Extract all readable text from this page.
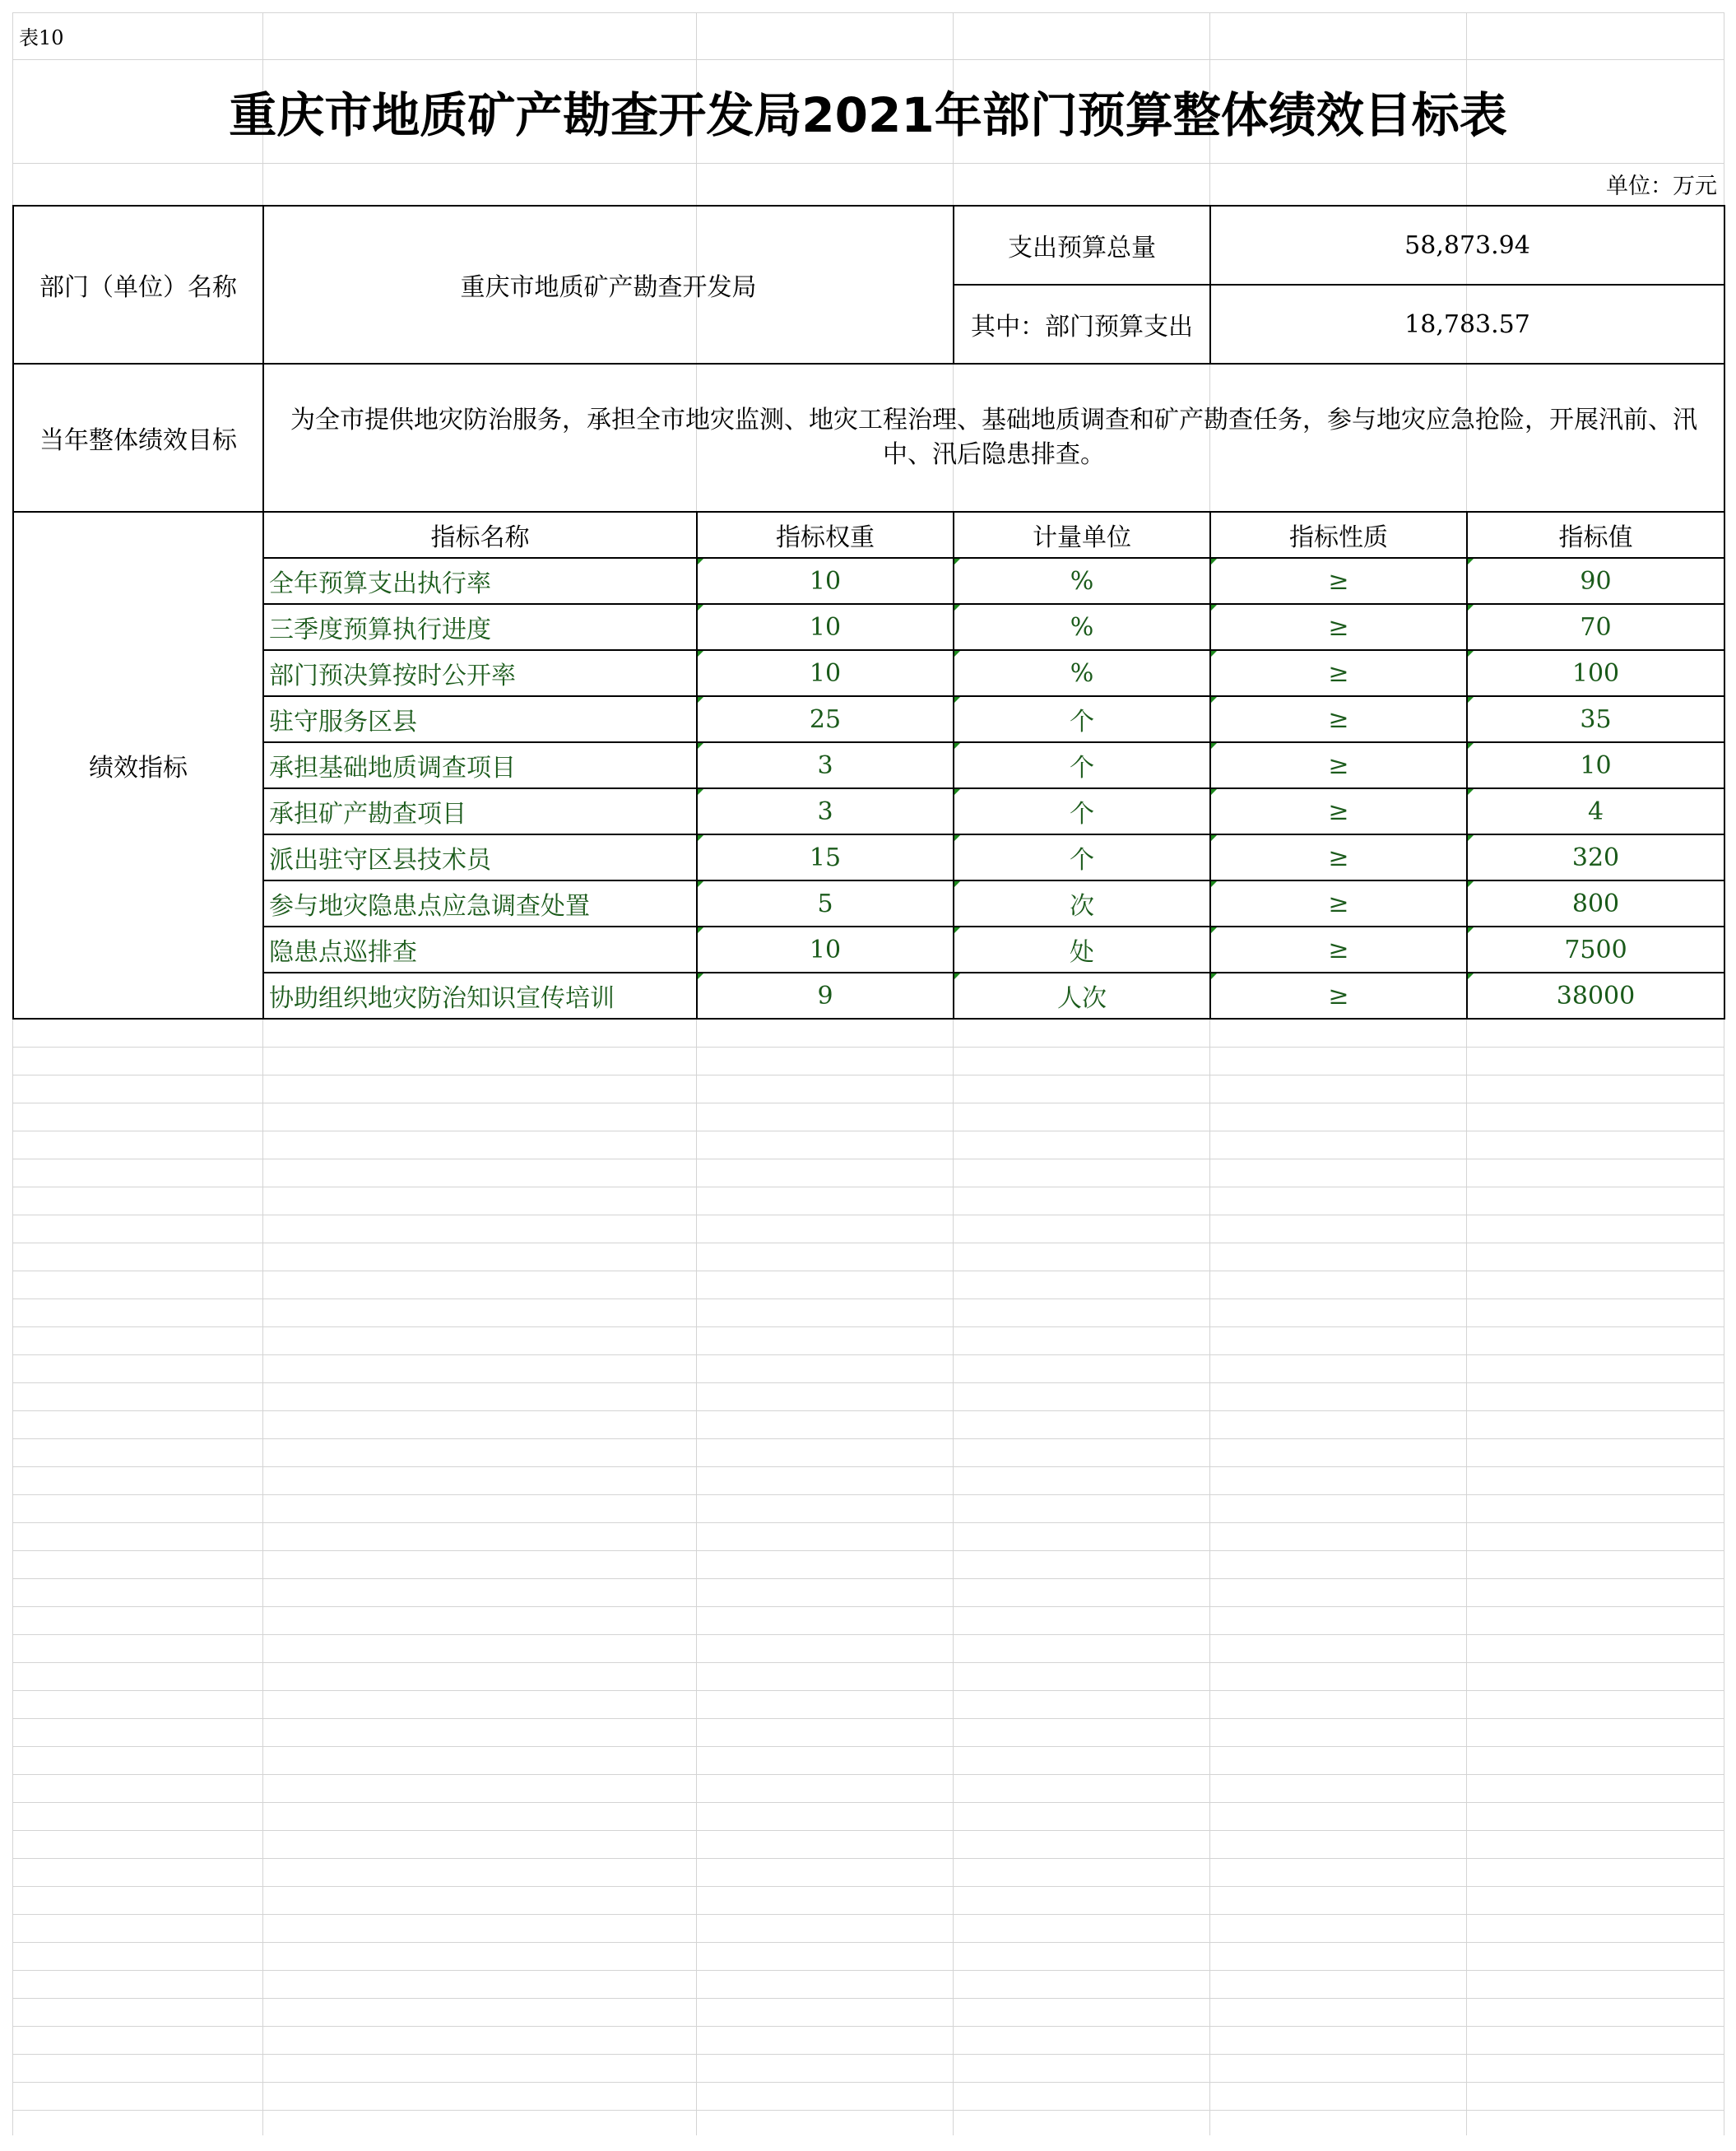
表10
重庆市地质矿产勘查开发局2021年部门预算整体绩效目标表
单位：万元
部门（单位）名称	重庆市地质矿产勘查开发局		支出预算总量	58,873.94	
			其中：部门预算支出	18,783.57	
当年整体绩效目标	为全市提供地灾防治服务，承担全市地灾监测、地灾工程治理、基础地质调查和矿产勘查任务，参与地灾应急抢险，开展汛前、汛中、汛后隐患排查。				
绩效指标	指标名称	指标权重	计量单位	指标性质	指标值
	全年预算支出执行率	10	%	≥	90

	三季度预算执行进度	10	%	≥	70

	部门预决算按时公开率	10	%	≥	100

	驻守服务区县	25	个	≥	35

	承担基础地质调查项目	3	个	≥	10

	承担矿产勘查项目	3	个	≥	4

	派出驻守区县技术员	15	个	≥	320

	参与地灾隐患点应急调查处置	5	次	≥	800

	隐患点巡排查	10	处	≥	7500

	协助组织地灾防治知识宣传培训	9	人次	≥	38000
